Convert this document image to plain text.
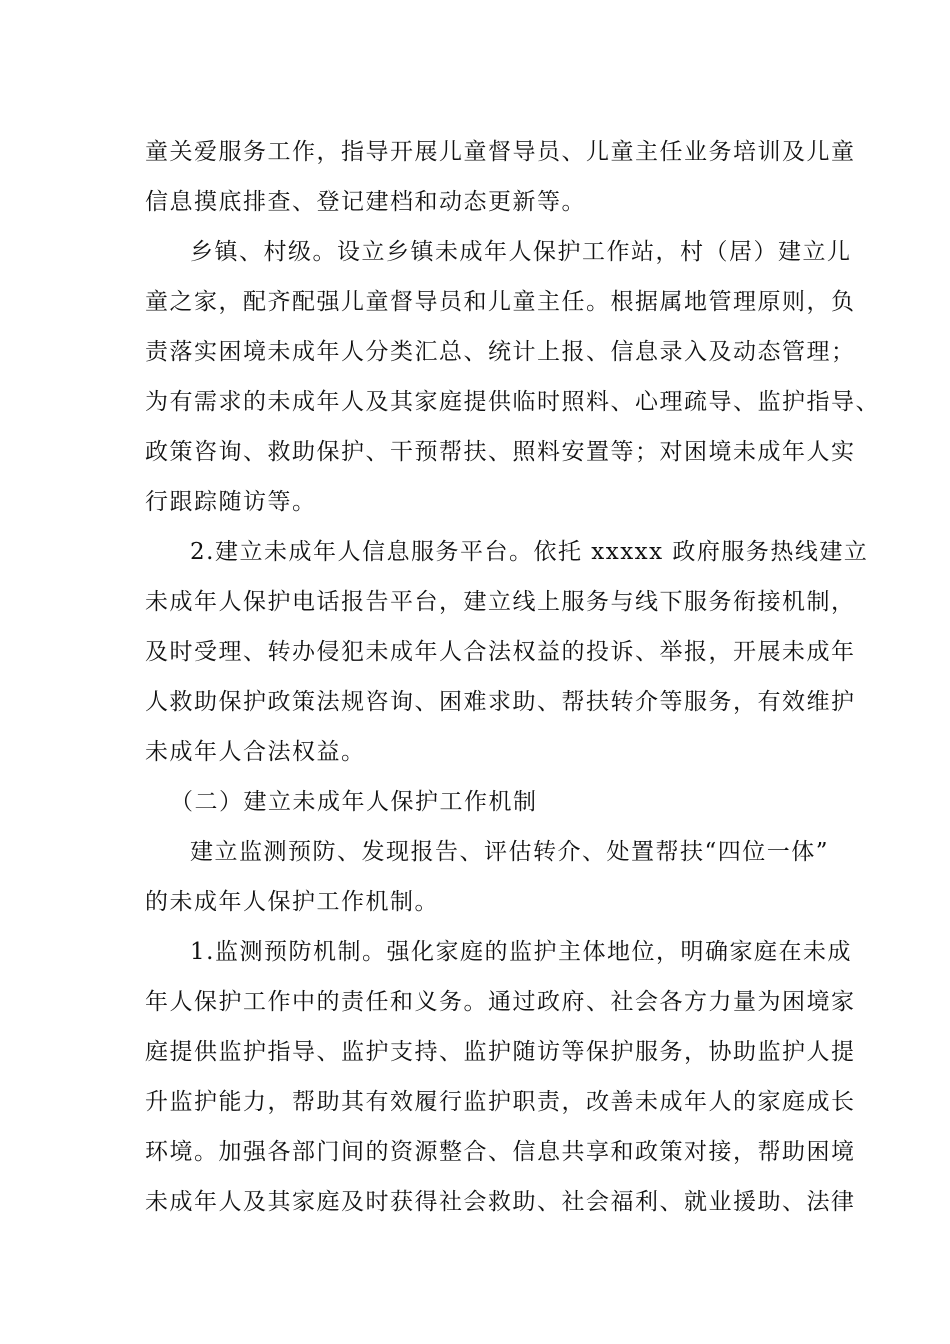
童关爱服务工作，指导开展儿童督导员、儿童主任业务培训及儿童
信息摸底排查、登记建档和动态更新等。
乡镇、村级。设立乡镇未成年人保护工作站，村（居）建立儿
童之家，配齐配强儿童督导员和儿童主任。根据属地管理原则，负
责落实困境未成年人分类汇总、统计上报、信息录入及动态管理；
为有需求的未成年人及其家庭提供临时照料、心理疏导、监护指导、
政策咨询、救助保护、干预帮扶、照料安置等；对困境未成年人实
行跟踪随访等。
2.建立未成年人信息服务平台。依托 xxxxx 政府服务热线建立
未成年人保护电话报告平台，建立线上服务与线下服务衔接机制，
及时受理、转办侵犯未成年人合法权益的投诉、举报，开展未成年
人救助保护政策法规咨询、困难求助、帮扶转介等服务，有效维护
未成年人合法权益。
（二）建立未成年人保护工作机制
建立监测预防、发现报告、评估转介、处置帮扶“四位一体”
的未成年人保护工作机制。
1.监测预防机制。强化家庭的监护主体地位，明确家庭在未成
年人保护工作中的责任和义务。通过政府、社会各方力量为困境家
庭提供监护指导、监护支持、监护随访等保护服务，协助监护人提
升监护能力，帮助其有效履行监护职责，改善未成年人的家庭成长
环境。加强各部门间的资源整合、信息共享和政策对接，帮助困境
未成年人及其家庭及时获得社会救助、社会福利、就业援助、法律
